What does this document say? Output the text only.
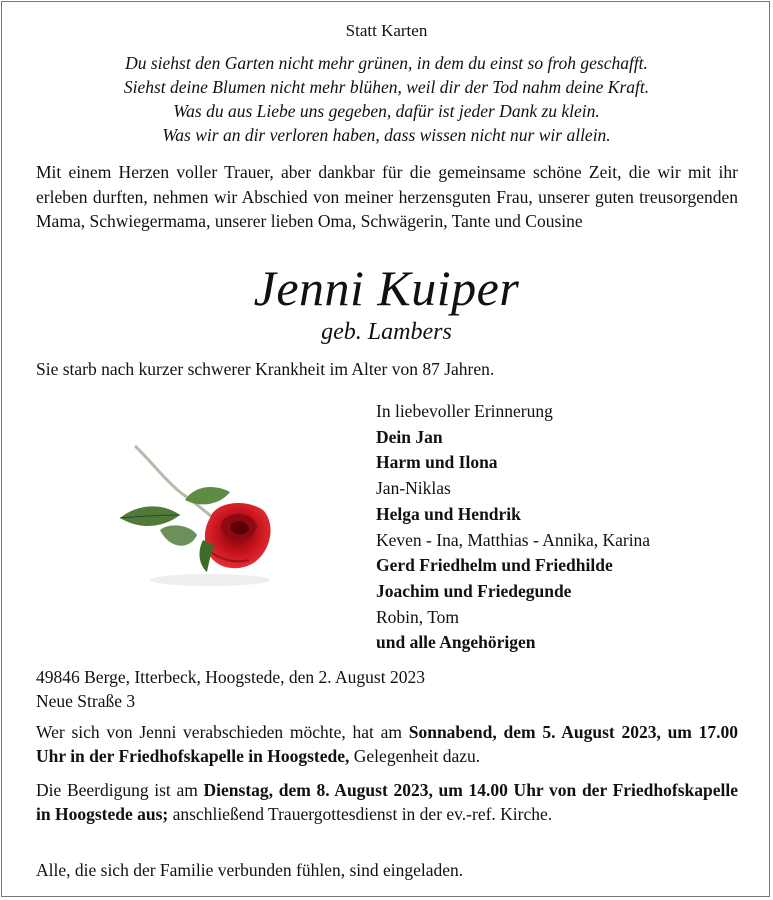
Statt Karten
Du siehst den Garten nicht mehr grünen, in dem du einst so froh geschafft.
Siehst deine Blumen nicht mehr blühen, weil dir der Tod nahm deine Kraft.
Was du aus Liebe uns gegeben, dafür ist jeder Dank zu klein.
Was wir an dir verloren haben, dass wissen nicht nur wir allein.
Mit einem Herzen voller Trauer, aber dankbar für die gemeinsame schöne Zeit, die wir mit ihr erleben durften, nehmen wir Abschied von meiner herzensguten Frau, unserer guten treusorgenden Mama, Schwiegermama, unserer lieben Oma, Schwägerin, Tante und Cousine
Jenni Kuiper
geb. Lambers
Sie starb nach kurzer schwerer Krankheit im Alter von 87 Jahren.
In liebevoller Erinnerung
Dein Jan
Harm und Ilona
Jan-Niklas
Helga und Hendrik
Keven - Ina, Matthias - Annika, Karina
Gerd Friedhelm und Friedhilde
Joachim und Friedegunde
Robin, Tom
und alle Angehörigen
49846 Berge, Itterbeck, Hoogstede, den 2. August 2023
Neue Straße 3
Wer sich von Jenni verabschieden möchte, hat am Sonnabend, dem 5. August 2023, um 17.00 Uhr in der Friedhofskapelle in Hoogstede, Gelegenheit dazu.
Die Beerdigung ist am Dienstag, dem 8. August 2023, um 14.00 Uhr von der Friedhofskapelle in Hoogstede aus; anschließend Trauergottesdienst in der ev.-ref. Kirche.
Alle, die sich der Familie verbunden fühlen, sind eingeladen.
